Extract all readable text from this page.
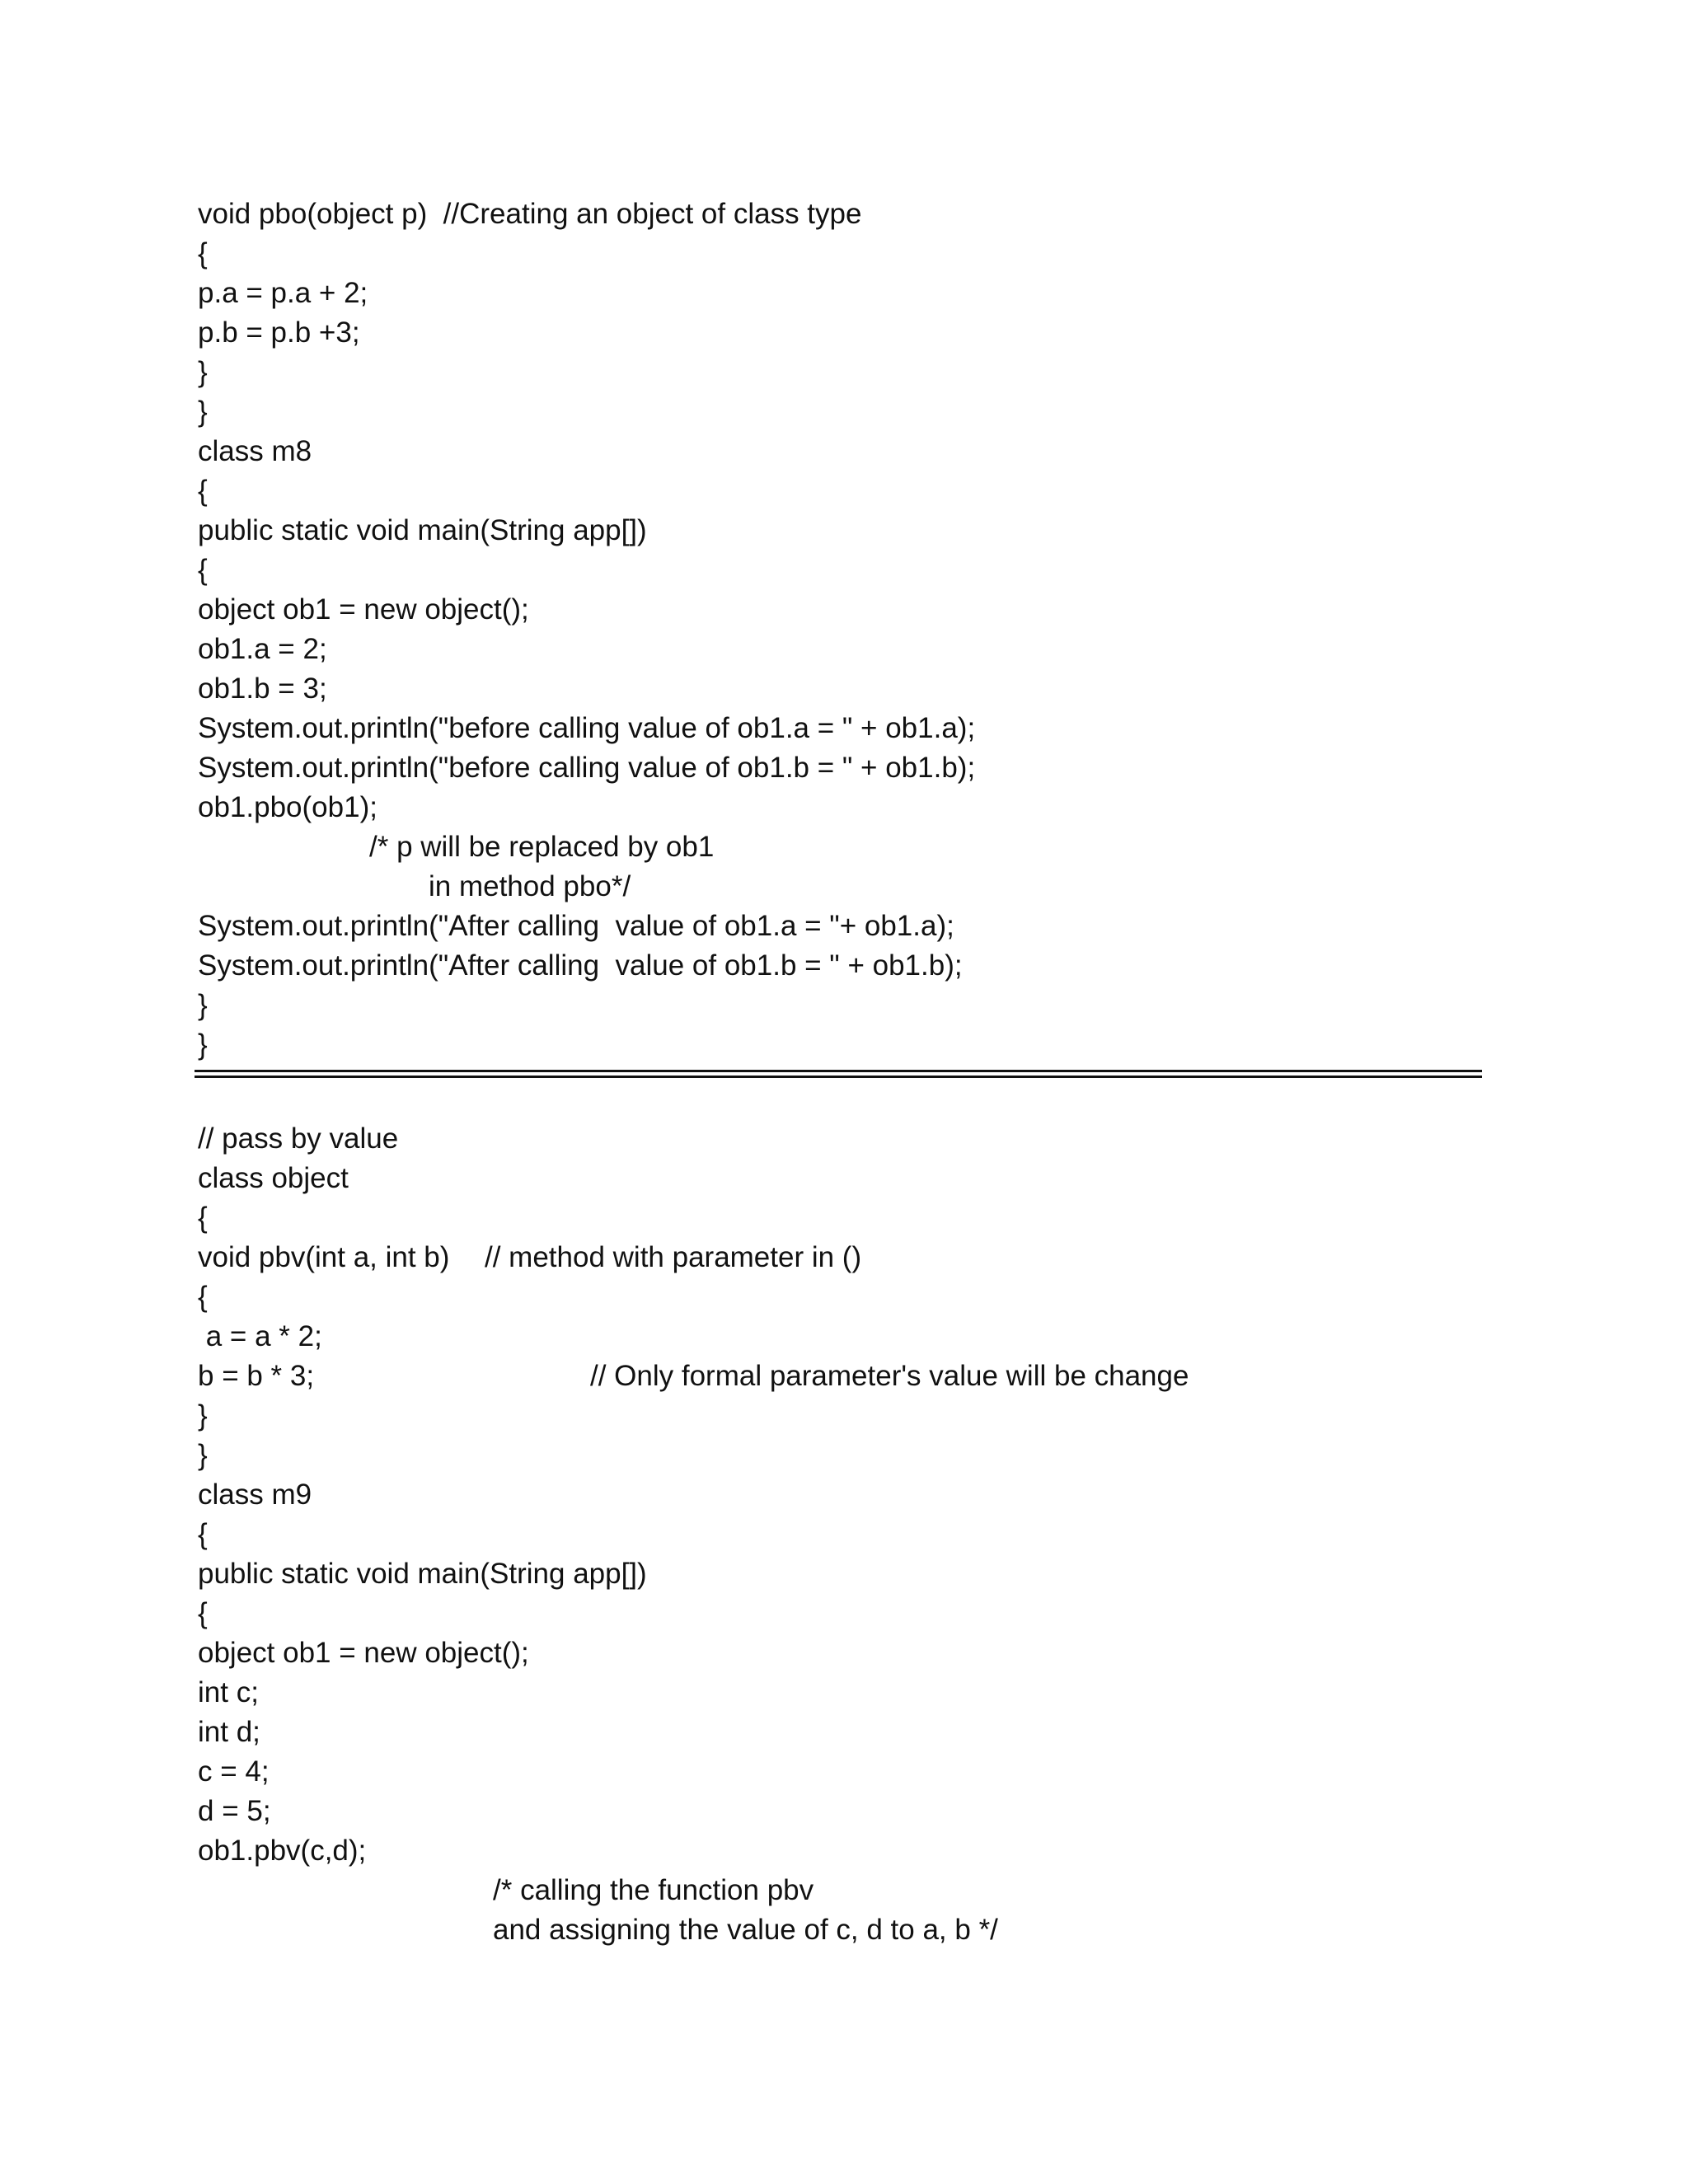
void pbo(object p)  //Creating an object of class type
{
p.a = p.a + 2;
p.b = p.b +3;
}
}
class m8
{
public static void main(String app[])
{
object ob1 = new object();
ob1.a = 2;
ob1.b = 3;
System.out.println("before calling value of ob1.a = " + ob1.a);
System.out.println("before calling value of ob1.b = " + ob1.b);
ob1.pbo(ob1);
/* p will be replaced by ob1
in method pbo*/
System.out.println("After calling  value of ob1.a = "+ ob1.a);
System.out.println("After calling  value of ob1.b = " + ob1.b);
}
}
// pass by value
class object
{
void pbv(int a, int b) // method with parameter in ()
{
a = a * 2;
b = b * 3;	// Only formal parameter's value will be change
}
}
class m9
{
public static void main(String app[])
{
object ob1 = new object();
int c;
int d;
c = 4;
d = 5;
ob1.pbv(c,d);
/* calling the function pbv
and assigning the value of c, d to a, b */
